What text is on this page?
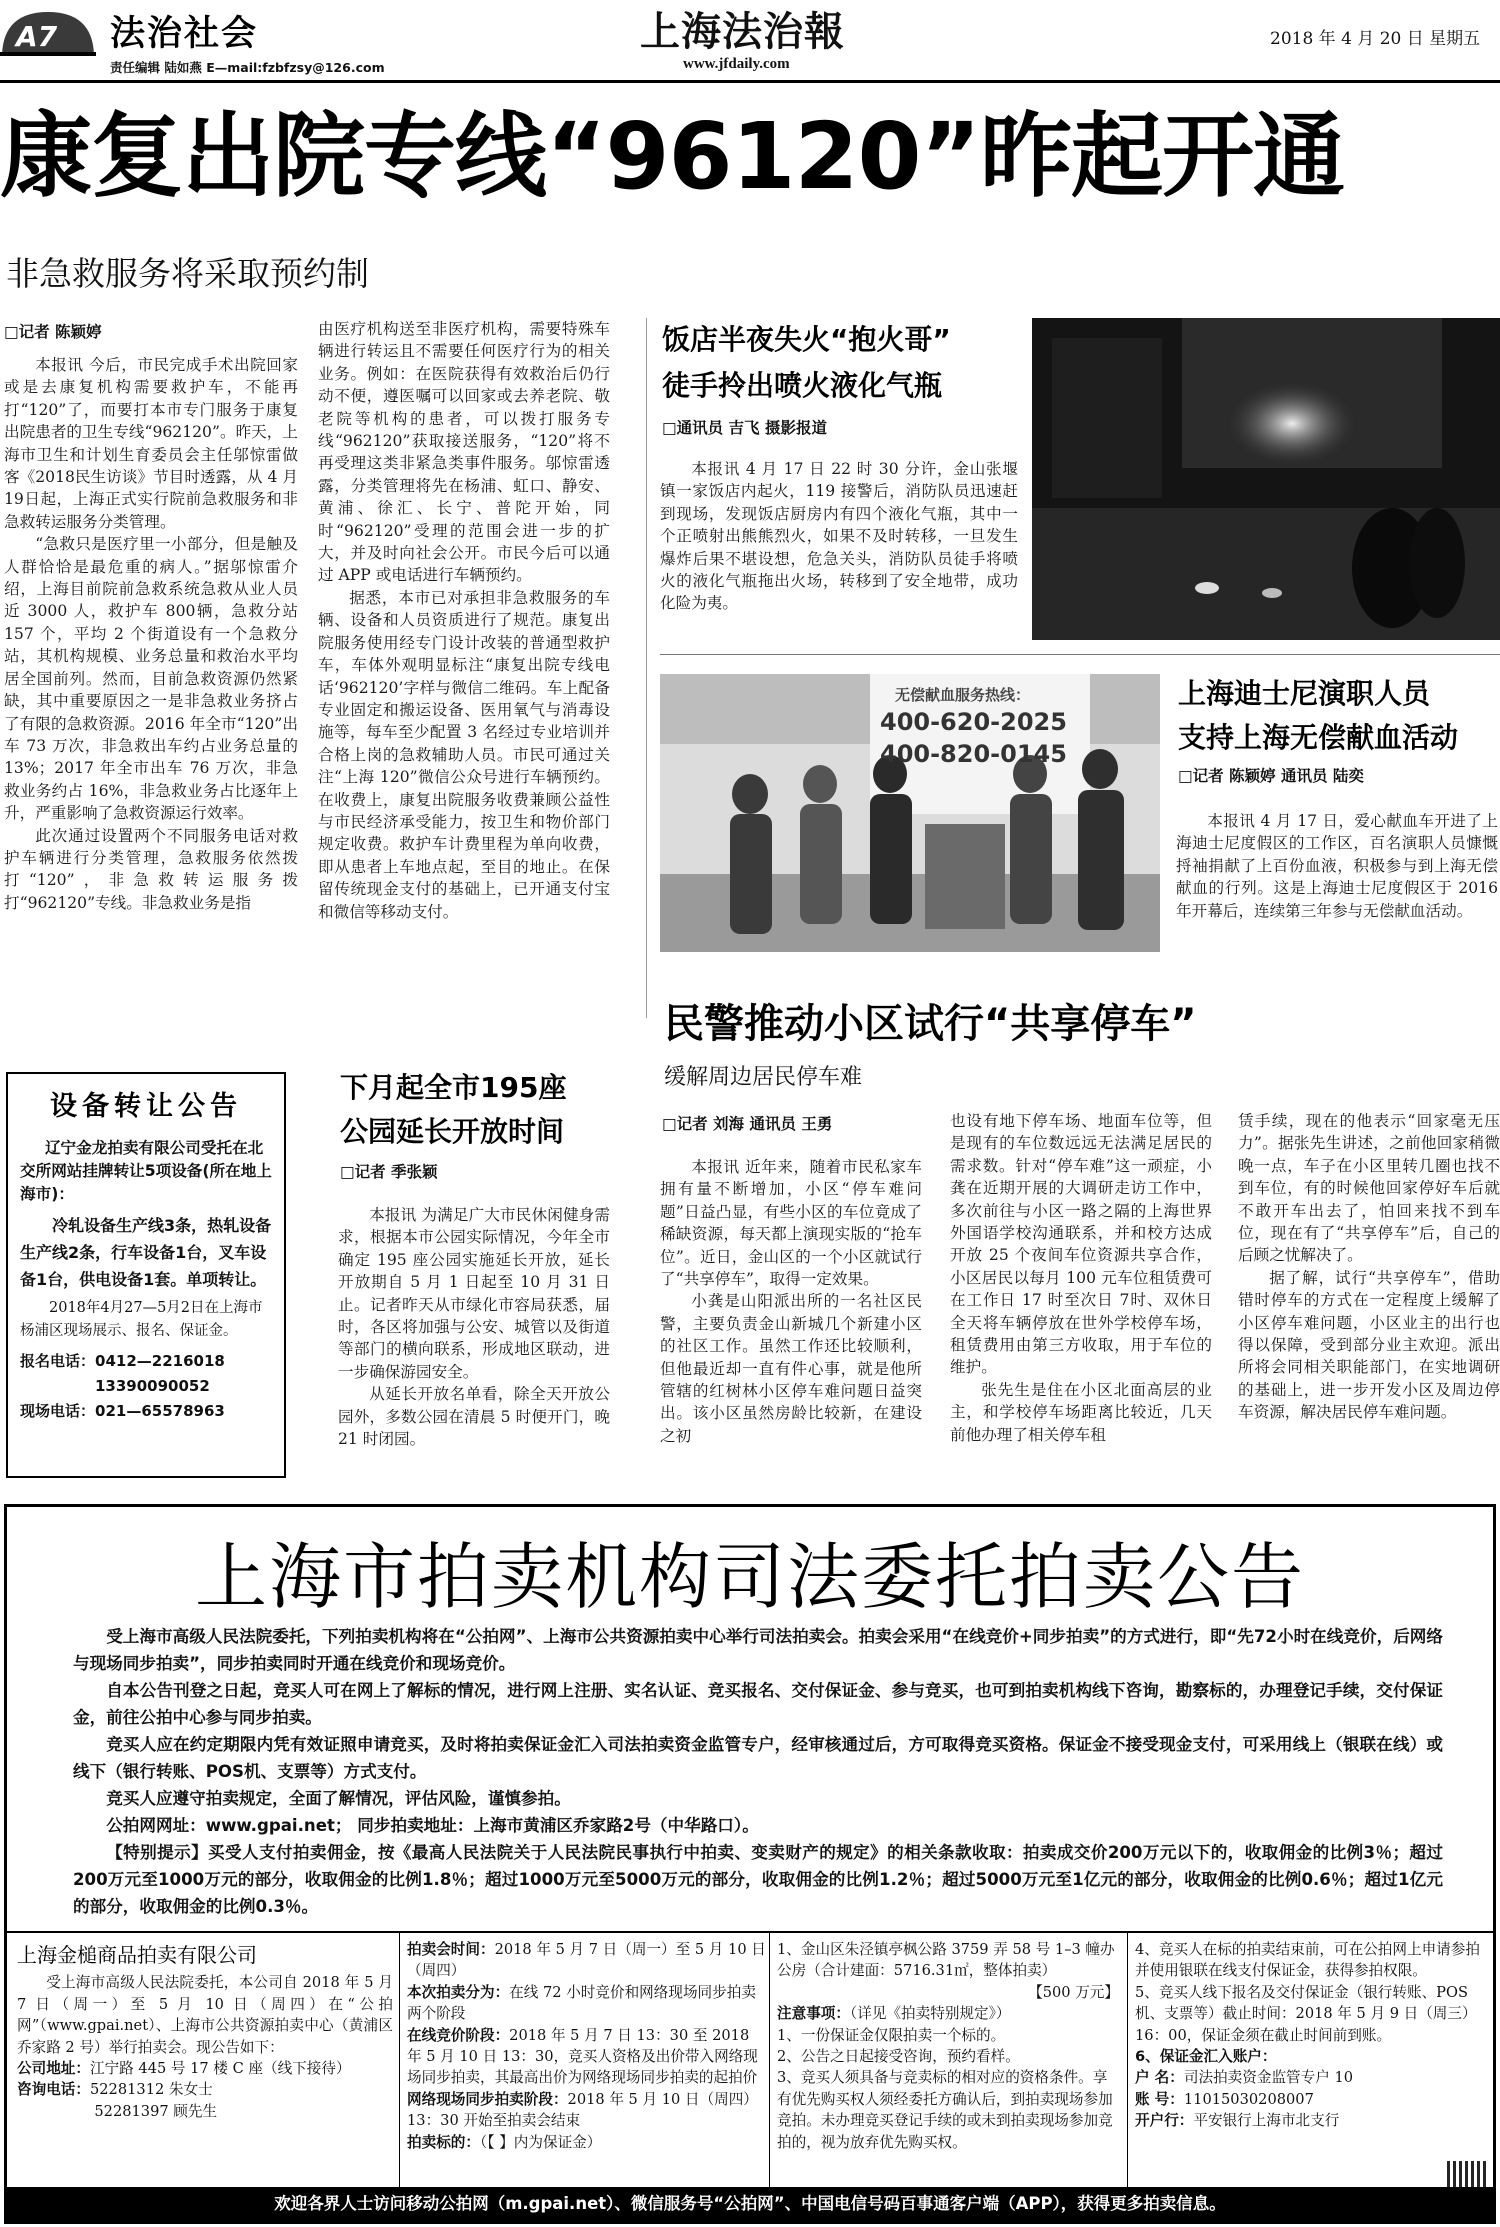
A7 法治社会
责任编辑 陆如燕 E—mail:fzbfzsy@126.com
上海法治報
www.jfdaily.com
2018 年 4 月 20 日 星期五
康复出院专线“96120”昨起开通
非急救服务将采取预约制
□记者 陈颖婷

本报讯 今后，市民完成手术出院回家或是去康复机构需要救护车，不能再打“120”了，而要打本市专门服务于康复出院患者的卫生专线“962120”。昨天，上海市卫生和计划生育委员会主任邬惊雷做客《2018民生访谈》节目时透露，从 4 月 19日起，上海正式实行院前急救服务和非急救转运服务分类管理。

“急救只是医疗里一小部分，但是触及人群恰恰是最危重的病人。”据邬惊雷介绍，上海目前院前急救系统急救从业人员近 3000 人，救护车 800辆，急救分站 157 个，平均 2 个街道设有一个急救分站，其机构规模、业务总量和救治水平均居全国前列。然而，目前急救资源仍然紧缺，其中重要原因之一是非急救业务挤占了有限的急救资源。2016 年全市“120”出车 73 万次，非急救出车约占业务总量的 13%；2017 年全市出车 76 万次，非急救业务约占 16%，非急救业务占比逐年上升，严重影响了急救资源运行效率。

此次通过设置两个不同服务电话对救护车辆进行分类管理，急救服务依然拨打“120”，非急救转运服务拨打“962120”专线。非急救业务是指

由医疗机构送至非医疗机构，需要特殊车辆进行转运且不需要任何医疗行为的相关业务。例如：在医院获得有效救治后仍行动不便，遵医嘱可以回家或去养老院、敬老院等机构的患者，可以拨打服务专线“962120”获取接送服务，“120”将不再受理这类非紧急类事件服务。邬惊雷透露，分类管理将先在杨浦、虹口、静安、黄浦、徐汇、长宁、普陀开始，同时“962120”受理的范围会进一步的扩大，并及时向社会公开。市民今后可以通过 APP 或电话进行车辆预约。

据悉，本市已对承担非急救服务的车辆、设备和人员资质进行了规范。康复出院服务使用经专门设计改装的普通型救护车，车体外观明显标注“康复出院专线电话‘962120’字样与微信二维码。车上配备专业固定和搬运设备、医用氧气与消毒设施等，每车至少配置 3 名经过专业培训并合格上岗的急救辅助人员。市民可通过关注“上海 120”微信公众号进行车辆预约。在收费上，康复出院服务收费兼顾公益性与市民经济承受能力，按卫生和物价部门规定收费。救护车计费里程为单向收费，即从患者上车地点起，至目的地止。在保留传统现金支付的基础上，已开通支付宝和微信等移动支付。

饭店半夜失火“抱火哥”
徒手拎出喷火液化气瓶
□通讯员 吉飞 摄影报道

本报讯 4 月 17 日 22 时 30 分许，金山张堰镇一家饭店内起火，119 接警后，消防队员迅速赶到现场，发现饭店厨房内有四个液化气瓶，其中一个正喷射出熊熊烈火，如果不及时转移，一旦发生爆炸后果不堪设想，危急关头，消防队员徒手将喷火的液化气瓶拖出火场，转移到了安全地带，成功化险为夷。

无偿献血服务热线：
400-620-2025
400-820-0145
上海迪士尼演职人员
支持上海无偿献血活动
□记者 陈颖婷 通讯员 陆奕

本报讯 4 月 17 日，爱心献血车开进了上海迪士尼度假区的工作区，百名演职人员慷慨捋袖捐献了上百份血液，积极参与到上海无偿献血的行列。这是上海迪士尼度假区于 2016 年开幕后，连续第三年参与无偿献血活动。

设备转让公告
辽宁金龙拍卖有限公司受托在北交所网站挂牌转让5项设备(所在地上海市)：
冷轧设备生产线3条，热轧设备生产线2条，行车设备1台，叉车设备1台，供电设备1套。单项转让。
2018年4月27—5月2日在上海市杨浦区现场展示、报名、保证金。
报名电话：0412—2216018
13390090052
现场电话：021—65578963
下月起全市195座
公园延长开放时间
□记者 季张颖

本报讯 为满足广大市民休闲健身需求，根据本市公园实际情况，今年全市确定 195 座公园实施延长开放，延长开放期自 5 月 1 日起至 10 月 31 日止。记者昨天从市绿化市容局获悉，届时，各区将加强与公安、城管以及街道等部门的横向联系，形成地区联动，进一步确保游园安全。

从延长开放名单看，除全天开放公园外，多数公园在清晨 5 时便开门，晚 21 时闭园。

民警推动小区试行“共享停车”
缓解周边居民停车难
□记者 刘海 通讯员 王勇

本报讯 近年来，随着市民私家车拥有量不断增加，小区“停车难问题”日益凸显，有些小区的车位竟成了稀缺资源，每天都上演现实版的“抢车位”。近日，金山区的一个小区就试行了“共享停车”，取得一定效果。

小龚是山阳派出所的一名社区民警，主要负责金山新城几个新建小区的社区工作。虽然工作还比较顺利，但他最近却一直有件心事，就是他所管辖的红树林小区停车难问题日益突出。该小区虽然房龄比较新，在建设之初

也设有地下停车场、地面车位等，但是现有的车位数远远无法满足居民的需求数。针对“停车难”这一顽症，小龚在近期开展的大调研走访工作中，多次前往与小区一路之隔的上海世界外国语学校沟通联系，并和校方达成开放 25 个夜间车位资源共享合作，小区居民以每月 100 元车位租赁费可在工作日 17 时至次日 7时、双休日全天将车辆停放在世外学校停车场，租赁费用由第三方收取，用于车位的维护。

张先生是住在小区北面高层的业主，和学校停车场距离比较近，几天前他办理了相关停车租

赁手续，现在的他表示“回家毫无压力”。据张先生讲述，之前他回家稍微晚一点，车子在小区里转几圈也找不到车位，有的时候他回家停好车后就不敢开车出去了，怕回来找不到车位，现在有了“共享停车”后，自己的后顾之忧解决了。

据了解，试行“共享停车”，借助错时停车的方式在一定程度上缓解了小区停车难问题，小区业主的出行也得以保障，受到部分业主欢迎。派出所将会同相关职能部门，在实地调研的基础上，进一步开发小区及周边停车资源，解决居民停车难问题。

上海市拍卖机构司法委托拍卖公告

受上海市高级人民法院委托，下列拍卖机构将在“公拍网”、上海市公共资源拍卖中心举行司法拍卖会。拍卖会采用“在线竞价+同步拍卖”的方式进行，即“先72小时在线竞价，后网络与现场同步拍卖”，同步拍卖同时开通在线竞价和现场竞价。

自本公告刊登之日起，竞买人可在网上了解标的情况，进行网上注册、实名认证、竞买报名、交付保证金、参与竞买，也可到拍卖机构线下咨询，勘察标的，办理登记手续，交付保证金，前往公拍中心参与同步拍卖。

竞买人应在约定期限内凭有效证照申请竞买，及时将拍卖保证金汇入司法拍卖资金监管专户，经审核通过后，方可取得竞买资格。保证金不接受现金支付，可采用线上（银联在线）或线下（银行转账、POS机、支票等）方式支付。

竞买人应遵守拍卖规定，全面了解情况，评估风险，谨慎参拍。

公拍网网址：www.gpai.net； 同步拍卖地址：上海市黄浦区乔家路2号（中华路口）。

【特别提示】买受人支付拍卖佣金，按《最高人民法院关于人民法院民事执行中拍卖、变卖财产的规定》的相关条款收取：拍卖成交价200万元以下的，收取佣金的比例3％；超过200万元至1000万元的部分，收取佣金的比例1.8％；超过1000万元至5000万元的部分，收取佣金的比例1.2％；超过5000万元至1亿元的部分，收取佣金的比例0.6％；超过1亿元的部分，收取佣金的比例0.3％。

上海金槌商品拍卖有限公司
受上海市高级人民法院委托，本公司自 2018 年 5 月 7 日（周一）至 5 月 10 日（周四）在“公拍网”（www.gpai.net）、上海市公共资源拍卖中心（黄浦区乔家路 2 号）举行拍卖会。现公告如下：
公司地址：江宁路 445 号 17 楼 C 座（线下接待）
咨询电话：52281312 朱女士
52281397 顾先生
拍卖会时间：2018 年 5 月 7 日（周一）至 5 月 10 日（周四）
本次拍卖分为：在线 72 小时竞价和网络现场同步拍卖两个阶段
在线竞价阶段：2018 年 5 月 7 日 13：30 至 2018 年 5 月 10 日 13：30，竞买人资格及出价带入网络现场同步拍卖，其最高出价为网络现场同步拍卖的起拍价
网络现场同步拍卖阶段：2018 年 5 月 10 日（周四）13：30 开始至拍卖会结束
拍卖标的：（【 】内为保证金）
1、金山区朱泾镇亭枫公路 3759 弄 58 号 1–3 幢办公房（合计建面：5716.31㎡，整体拍卖）
【500 万元】
注意事项：（详见《拍卖特别规定》）
1、一份保证金仅限拍卖一个标的。
2、公告之日起接受咨询，预约看样。
3、竞买人须具备与竞卖标的相对应的资格条件。享有优先购买权人须经委托方确认后，到拍卖现场参加竞拍。未办理竞买登记手续的或未到拍卖现场参加竞拍的，视为放弃优先购买权。
4、竞买人在标的拍卖结束前，可在公拍网上申请参拍并使用银联在线支付保证金，获得参拍权限。
5、竞买人线下报名及交付保证金（银行转账、POS机、支票等）截止时间：2018 年 5 月 9 日（周三）16：00，保证金须在截止时间前到账。
6、保证金汇入账户：
户 名：司法拍卖资金监管专户 10
账 号：11015030208007
开户行：平安银行上海市北支行
欢迎各界人士访问移动公拍网（m.gpai.net）、微信服务号“公拍网”、中国电信号码百事通客户端（APP），获得更多拍卖信息。
